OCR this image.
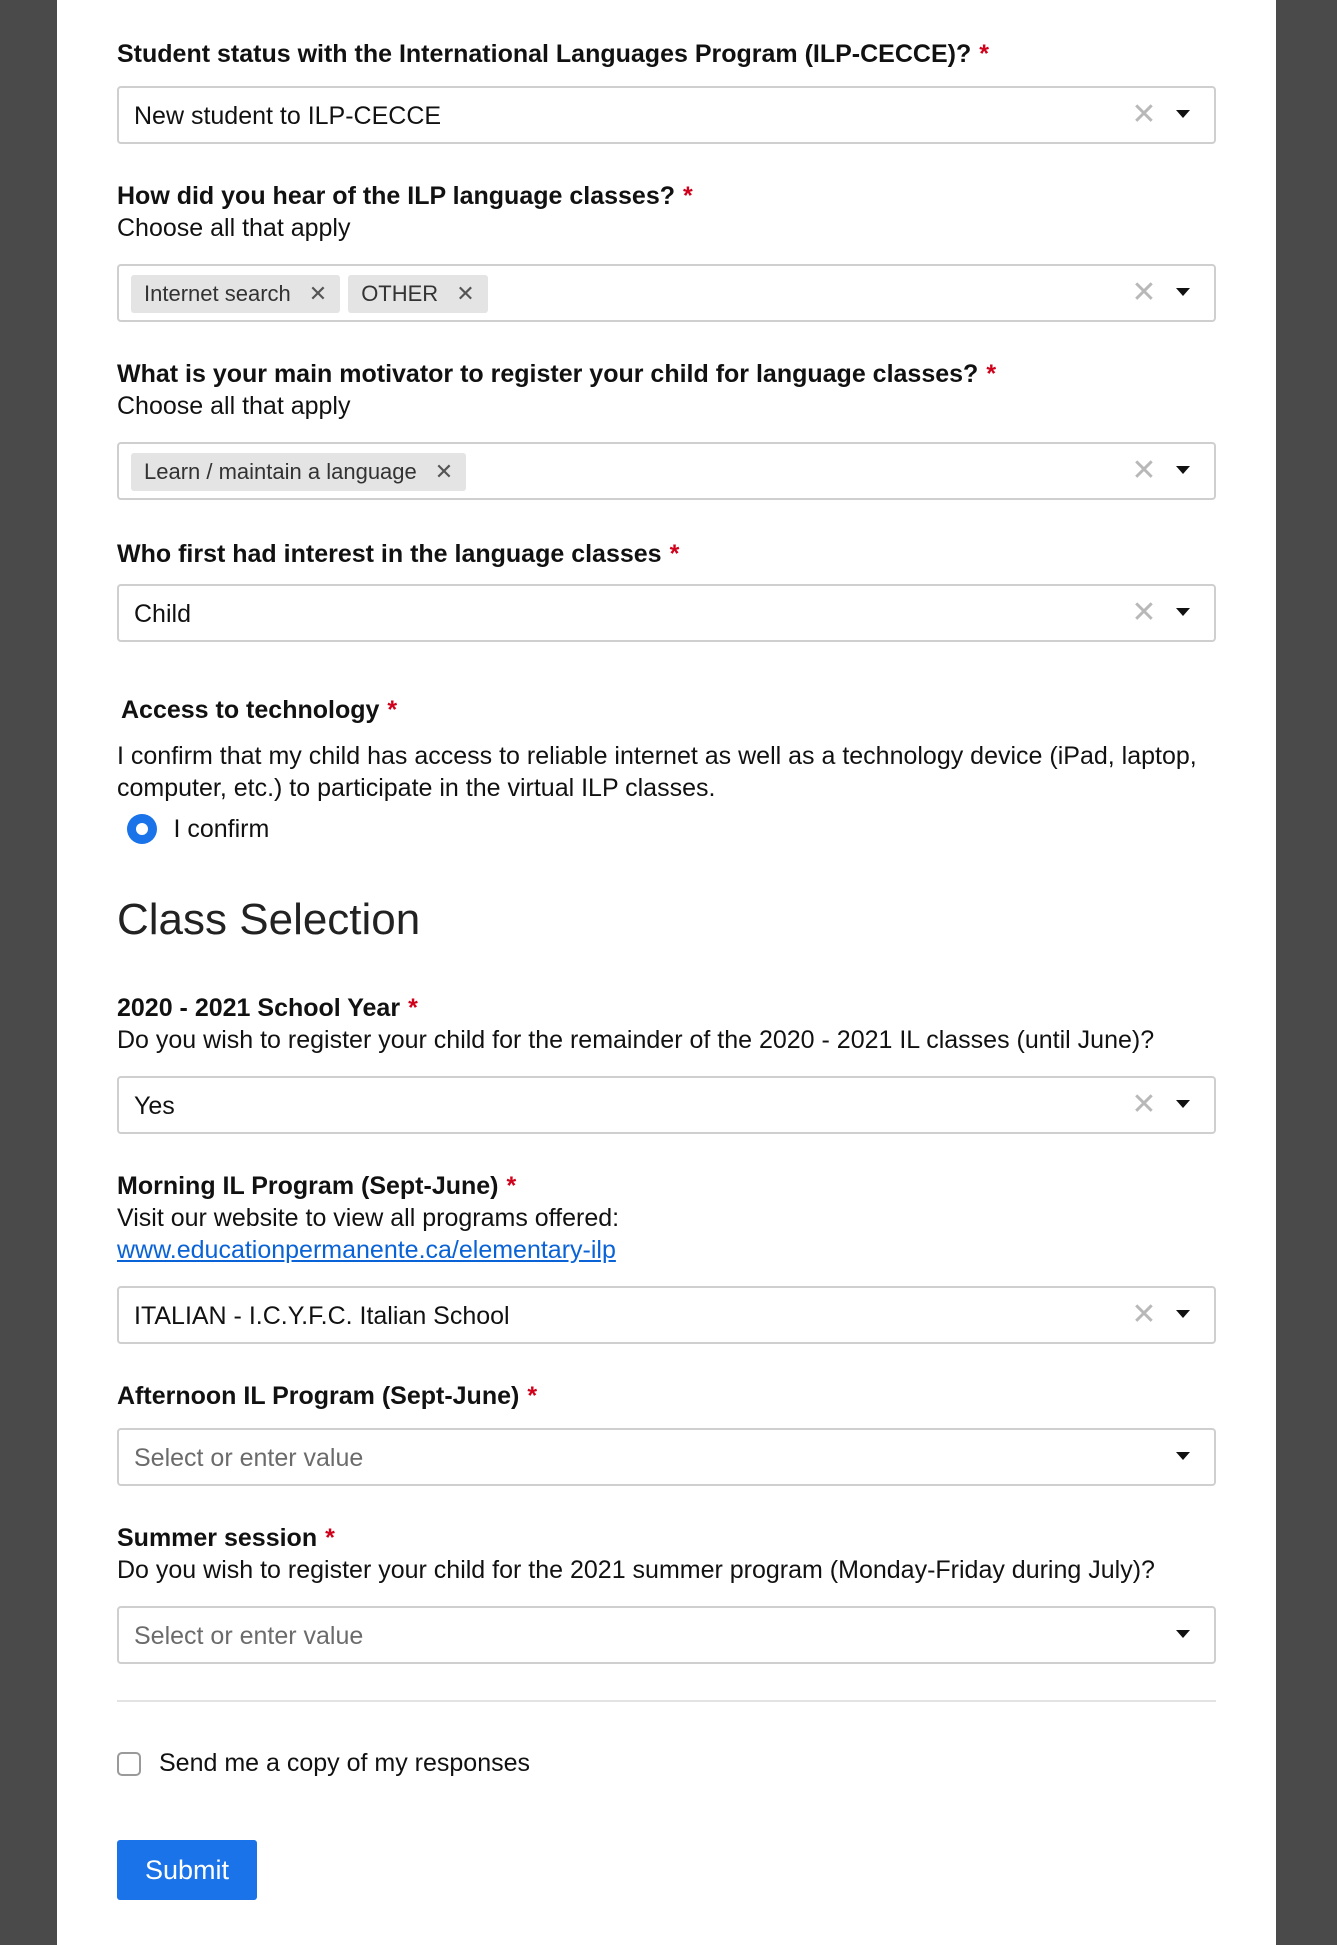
Student status with the International Languages Program (ILP-CECCE)? *
New student to ILP-CECCE	✕
How did you hear of the ILP language classes? *
Choose all that apply
Internet search ✕ OTHER ✕	✕
What is your main motivator to register your child for language classes? *
Choose all that apply
Learn / maintain a language ✕	✕
Who first had interest in the language classes *
Child	✕
Access to technology *
I confirm that my child has access to reliable internet as well as a technology device (iPad, laptop, computer, etc.) to participate in the virtual ILP classes.
I confirm
Class Selection
2020 - 2021 School Year *
Do you wish to register your child for the remainder of the 2020 - 2021 IL classes (until June)?
Yes	✕
Morning IL Program (Sept-June) *
Visit our website to view all programs offered:
www.educationpermanente.ca/elementary-ilp
ITALIAN - I.C.Y.F.C. Italian School	✕
Afternoon IL Program (Sept-June) *
Select or enter value
Summer session *
Do you wish to register your child for the 2021 summer program (Monday-Friday during July)?
Select or enter value
Send me a copy of my responses
Submit
